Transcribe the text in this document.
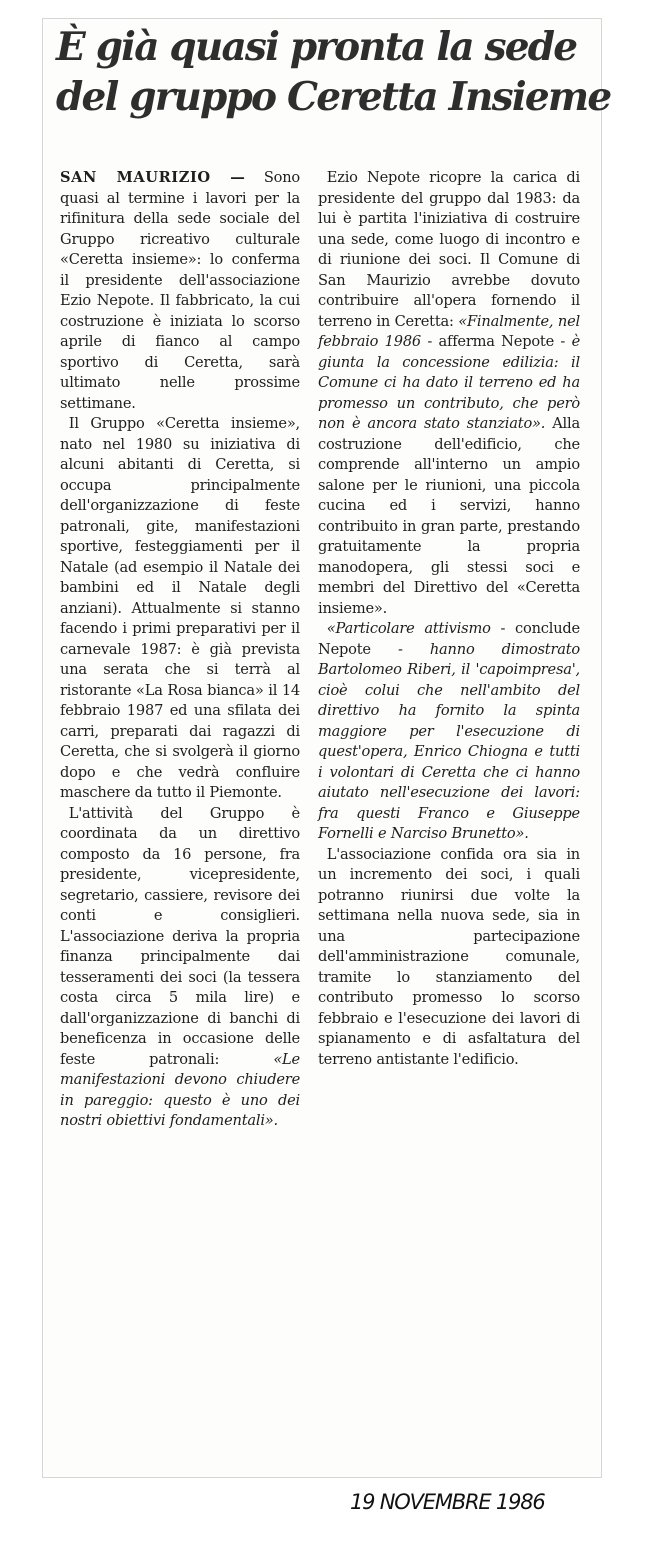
È già quasi pronta la sede
del gruppo Ceretta Insieme

SAN MAURIZIO — Sono quasi al termine i lavori per la rifinitura della sede sociale del Gruppo ricreativo culturale «Ceretta insieme»: lo conferma il presidente dell'associazione Ezio Nepote. Il fabbricato, la cui costruzione è iniziata lo scorso aprile di fianco al campo sportivo di Ceretta, sarà ultimato nelle prossime settimane.

Il Gruppo «Ceretta insieme», nato nel 1980 su iniziativa di alcuni abitanti di Ceretta, si occupa principalmente dell'organizzazione di feste patronali, gite, manifestazioni sportive, festeggiamenti per il Natale (ad esempio il Natale dei bambini ed il Natale degli anziani). Attualmente si stanno facendo i primi preparativi per il carnevale 1987: è già prevista una serata che si terrà al ristorante «La Rosa bianca» il 14 febbraio 1987 ed una sfilata dei carri, preparati dai ragazzi di Ceretta, che si svolgerà il giorno dopo e che vedrà confluire maschere da tutto il Piemonte.

L'attività del Gruppo è coordinata da un direttivo composto da 16 persone, fra presidente, vicepresidente, segretario, cassiere, revisore dei conti e consiglieri. L'associazione deriva la propria finanza principalmente dai tesseramenti dei soci (la tessera costa circa 5 mila lire) e dall'organizzazione di banchi di beneficenza in occasione delle feste patronali:	«Le manifestazioni devono chiudere in pareggio: questo è uno dei nostri obiettivi fondamentali».

Ezio Nepote ricopre la carica di presidente del gruppo dal 1983: da lui è partita l'iniziativa di costruire una sede, come luogo di incontro e di riunione dei soci. Il Comune di San Maurizio avrebbe dovuto contribuire all'opera fornendo il terreno in Ceretta: «Finalmente, nel febbraio 1986 - afferma Nepote - è giunta la concessione edilizia: il Comune ci ha dato il terreno ed ha promesso un contributo, che però non è ancora stato stanziato». Alla costruzione dell'edificio, che comprende all'interno un ampio salone per le riunioni, una piccola cucina ed i servizi, hanno contribuito in gran parte, prestando gratuitamente la propria manodopera, gli stessi soci e membri del Direttivo del «Ceretta insieme».

«Particolare attivismo - conclude Nepote - hanno dimostrato Bartolomeo Riberi, il 'capoimpresa', cioè colui che nell'ambito del direttivo ha fornito la spinta maggiore per l'esecuzione di quest'opera, Enrico Chiogna e tutti i volontari di Ceretta che ci hanno aiutato nell'esecuzione dei lavori: fra questi Franco e Giuseppe Fornelli e Narciso Brunetto».

L'associazione confida ora sia in un incremento dei soci, i quali potranno riunirsi due volte la settimana nella nuova sede, sia in una partecipazione dell'amministrazione comunale, tramite lo stanziamento del contributo promesso lo scorso febbraio e l'esecuzione dei lavori di spianamento e di asfaltatura del terreno antistante l'edificio.

19 NOVEMBRE 1986
